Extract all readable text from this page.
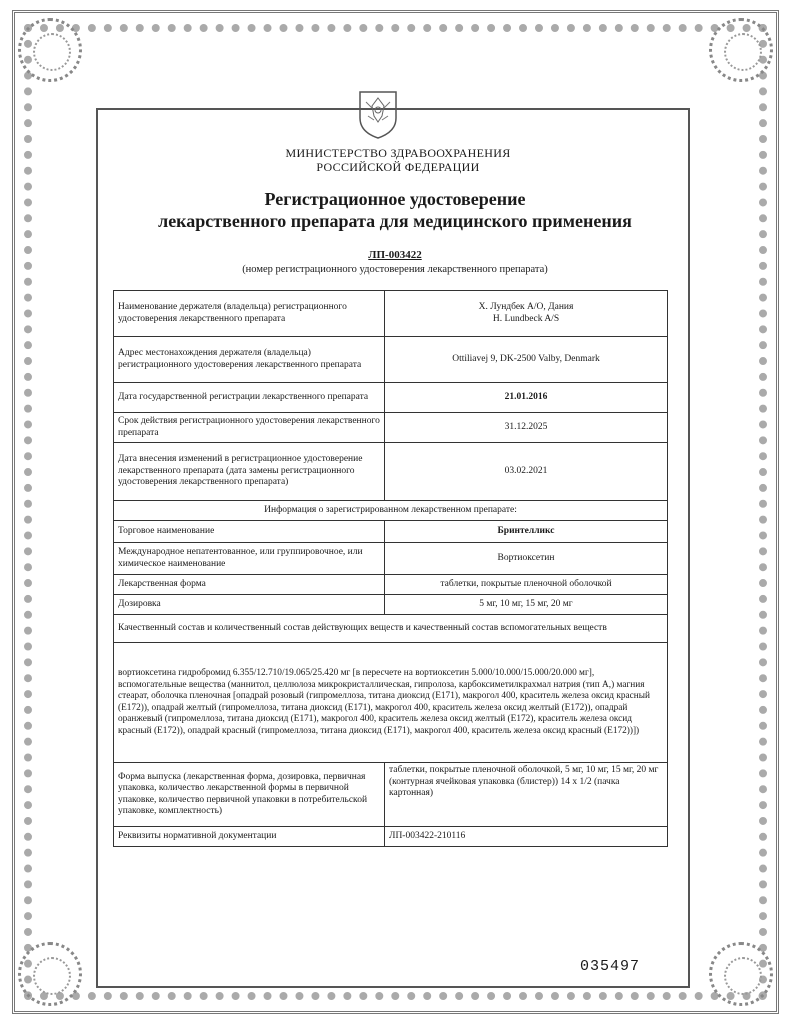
МИНИСТЕРСТВО ЗДРАВООХРАНЕНИЯ
РОССИЙСКОЙ ФЕДЕРАЦИИ
Регистрационное удостоверение
лекарственного препарата для медицинского применения
ЛП-003422
(номер регистрационного удостоверения лекарственного препарата)
Наименование держателя (владельца) регистрационного удостоверения лекарственного препарата	Х. Лундбек А/О, Дания
H. Lundbeck A/S

Адрес местонахождения держателя (владельца) регистрационного удостоверения лекарственного препарата	Ottiliavej 9, DK-2500 Valby, Denmark
Дата государственной регистрации лекарственного препарата	21.01.2016
Срок действия регистрационного удостоверения лекарственного препарата	31.12.2025
Дата внесения изменений в регистрационное удостоверение лекарственного препарата (дата замены регистрационного удостоверения лекарственного препарата)	03.02.2021
Информация о зарегистрированном лекарственном препарате:	
Торговое наименование	Бринтелликс
Международное непатентованное, или группировочное, или химическое наименование	Вортиоксетин
Лекарственная форма	таблетки, покрытые пленочной оболочкой
Дозировка	5 мг, 10 мг, 15 мг, 20 мг
Качественный состав и количественный состав действующих веществ и качественный состав вспомогательных веществ	
вортиоксетина гидробромид 6.355/12.710/19.065/25.420 мг [в пересчете на вортиоксетин 5.000/10.000/15.000/20.000 мг], вспомогательные вещества (маннитол, целлюлоза микрокристаллическая, гипролоза, карбоксиметилкрахмал натрия (тип А,) магния стеарат, оболочка пленочная [опадрай розовый (гипромеллоза, титана диоксид (Е171), макрогол 400, краситель железа оксид красный (Е172)), опадрай желтый (гипромеллоза, титана диоксид (Е171), макрогол 400, краситель железа оксид желтый (Е172)), опадрай оранжевый (гипромеллоза, титана диоксид (Е171), макрогол 400, краситель железа оксид желтый (Е172), краситель железа оксид красный (Е172)), опадрай красный (гипромеллоза, титана диоксид (Е171), макрогол 400, краситель железа оксид красный (Е172))])	
Форма выпуска (лекарственная форма, дозировка, первичная упаковка, количество лекарственной формы в первичной упаковке, количество первичной упаковки в потребительской упаковке, комплектность)	таблетки, покрытые пленочной оболочкой, 5 мг, 10 мг, 15 мг, 20 мг (контурная ячейковая упаковка (блистер)) 14 х 1/2 (пачка картонная)
Реквизиты нормативной документации	ЛП-003422-210116
035497
